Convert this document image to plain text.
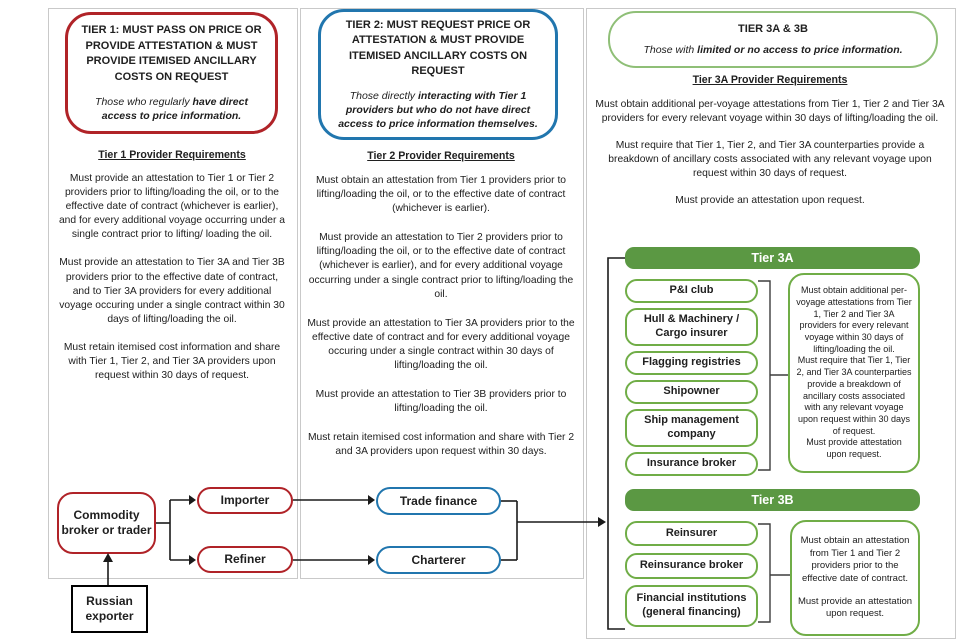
TIER 1: MUST PASS ON PRICE OR PROVIDE ATTESTATION & MUST PROVIDE ITEMISED ANCILLARY COSTS ON REQUEST
Those who regularly have direct access to price information.
Tier 1 Provider Requirements

Must provide an attestation to Tier 1 or Tier 2 providers prior to lifting/loading the oil, or to the effective date of contract (whichever is earlier), and for every additional voyage occurring under a single contract prior to lifting/ loading the oil.

Must provide an attestation to Tier 3A and Tier 3B providers prior to the effective date of contract, and to Tier 3A providers for every additional voyage occuring under a single contract within 30 days of lifting/loading the oil.

Must retain itemised cost information and share with Tier 1, Tier 2, and Tier 3A providers upon request within 30 days of request.

TIER 2: MUST REQUEST PRICE OR ATTESTATION & MUST PROVIDE ITEMISED ANCILLARY COSTS ON REQUEST
Those directly interacting with Tier 1 providers but who do not have direct access to price information themselves.
Tier 2 Provider Requirements

Must obtain an attestation from Tier 1 providers prior to lifting/loading the oil, or to the effective date of contract (whichever is earlier).

Must provide an attestation to Tier 2 providers prior to lifting/loading the oil, or to the effective date of contract (whichever is earlier), and for every additional voyage occurring under a single contract prior to lifting/loading the oil.

Must provide an attestation to Tier 3A providers prior to the effective date of contract and for every additional voyage occuring under a single contract within 30 days of lifting/loading the oil.

Must provide an attestation to Tier 3B providers prior to lifting/loading the oil.

Must retain itemised cost information and share with Tier 2 and 3A providers upon request within 30 days.

TIER 3A & 3B
Those with limited or no access to price information.
Tier 3A Provider Requirements

Must obtain additional per-voyage attestations from Tier 1, Tier 2 and Tier 3A providers for every relevant voyage within 30 days of lifting/loading the oil.

Must require that Tier 1, Tier 2, and Tier 3A counterparties provide a breakdown of ancillary costs associated with any relevant voyage upon request within 30 days of request.

Must provide an attestation upon request.

Tier 3A
P&I club
Hull & Machinery / Cargo insurer
Flagging registries
Shipowner
Ship management company
Insurance broker

Must obtain additional per-voyage attestations from Tier 1, Tier 2 and Tier 3A providers for every relevant voyage within 30 days of lifting/loading the oil.

Must require that Tier 1, Tier 2, and Tier 3A counterparties provide a breakdown of ancillary costs associated with any relevant voyage upon request within 30 days of request.

Must provide attestation upon request.

Tier 3B
Reinsurer
Reinsurance broker
Financial institutions (general financing)

Must obtain an attestation from Tier 1 and Tier 2 providers prior to the effective date of contract.

Must provide an attestation upon request.

Commodity broker or trader
Russian exporter
Importer
Refiner
Trade finance
Charterer
